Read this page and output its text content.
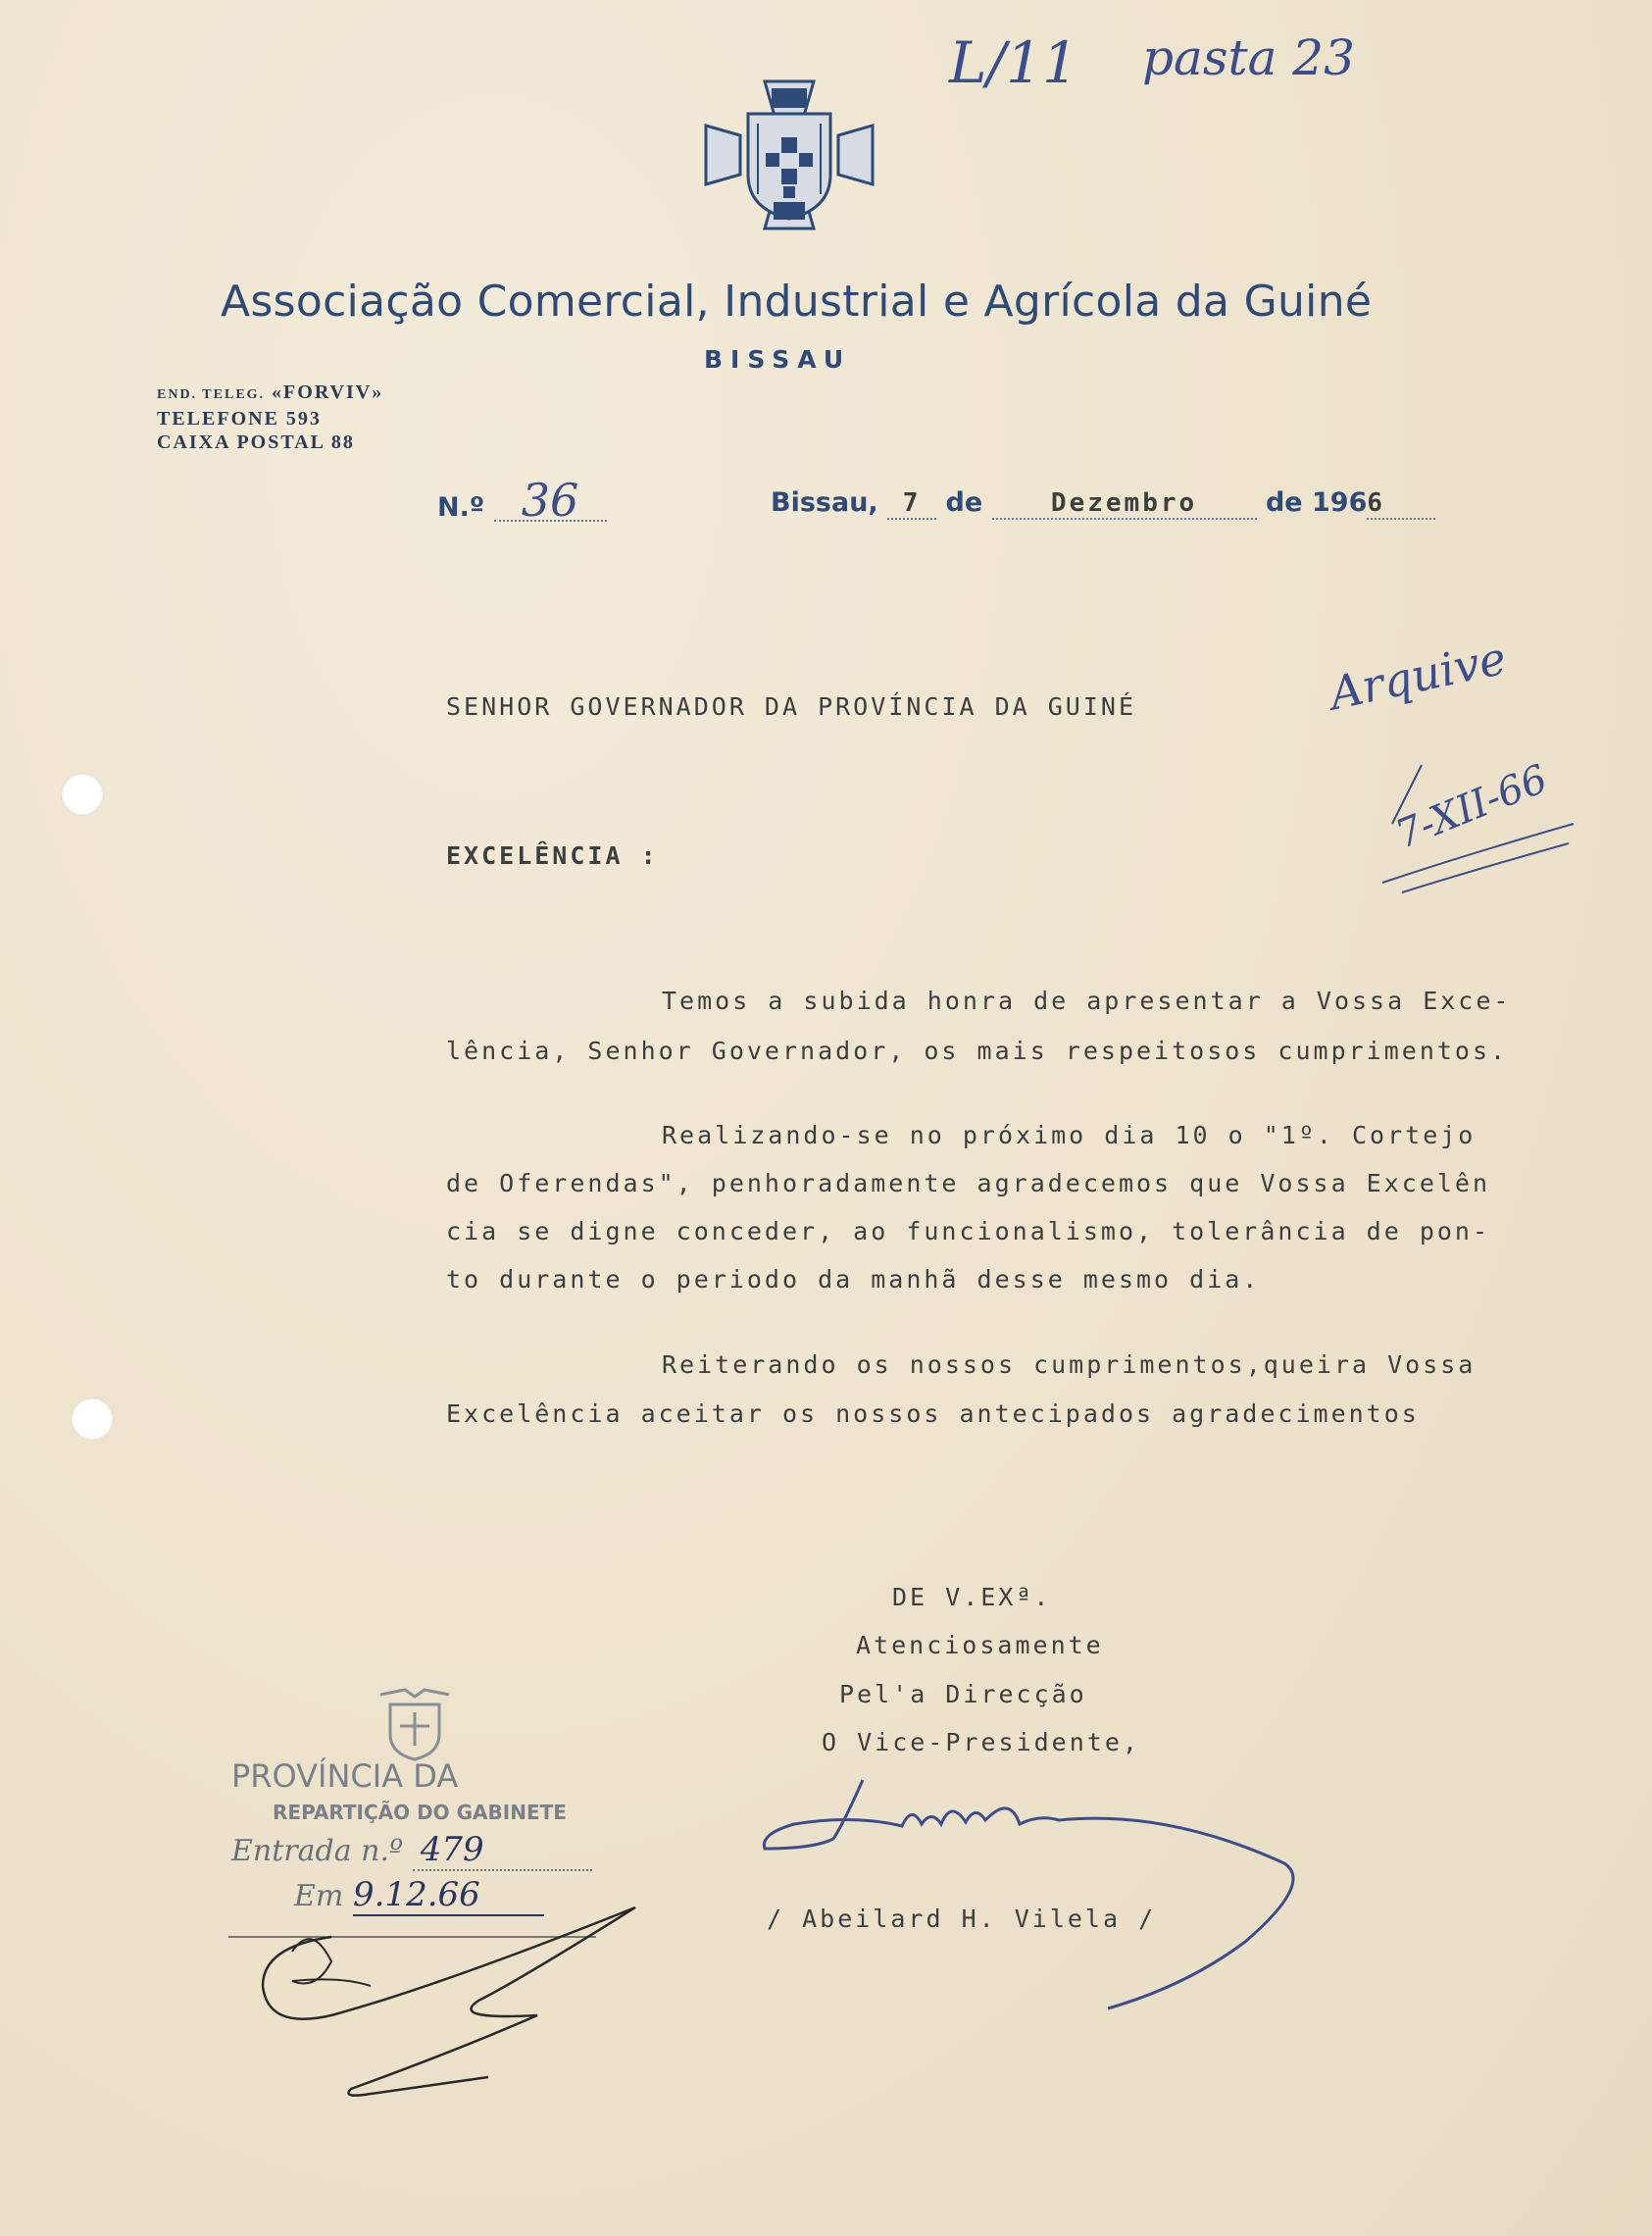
L/11 pasta 23
Arquive
7-XII-66
Associação Comercial, Industrial e Agrícola da Guiné
BISSAU
END. TELEG. «FORVIV»
TELEFONE 593
CAIXA POSTAL 88
N.º 36	Bissau, 7 de	Dezembro	de 1966
SENHOR GOVERNADOR DA PROVÍNCIA DA GUINÉ
EXCELÊNCIA :
Temos a subida honra de apresentar a Vossa Exce-
lência, Senhor Governador, os mais respeitosos cumprimentos.
Realizando-se no próximo dia 10 o "1º. Cortejo
de Oferendas", penhoradamente agradecemos que Vossa Excelên
cia se digne conceder, ao funcionalismo, tolerância de pon-
to durante o periodo da manhã desse mesmo dia.
Reiterando os nossos cumprimentos,queira Vossa
Excelência aceitar os nossos antecipados agradecimentos
DE V.EXª.
Atenciosamente
Pel'a Direcção
O Vice-Presidente,
/ Abeilard H. Vilela /
PROVÍNCIA DA
REPARTIÇÃO DO GABINETE
Entrada n.º 479
Em 9.12.66
